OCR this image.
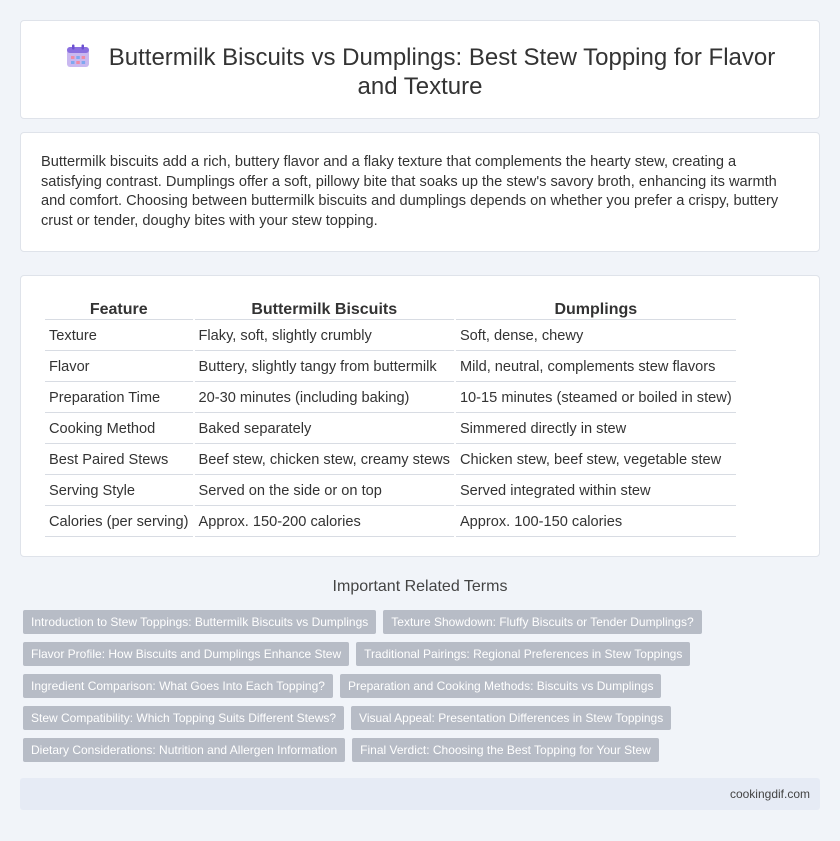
Buttermilk Biscuits vs Dumplings: Best Stew Topping for Flavor and Texture

Buttermilk biscuits add a rich, buttery flavor and a flaky texture that complements the hearty stew, creating a satisfying contrast. Dumplings offer a soft, pillowy bite that soaks up the stew's savory broth, enhancing its warmth and comfort. Choosing between buttermilk biscuits and dumplings depends on whether you prefer a crispy, buttery crust or tender, doughy bites with your stew topping.

Feature	Buttermilk Biscuits	Dumplings
Texture	Flaky, soft, slightly crumbly	Soft, dense, chewy
Flavor	Buttery, slightly tangy from buttermilk	Mild, neutral, complements stew flavors
Preparation Time	20-30 minutes (including baking)	10-15 minutes (steamed or boiled in stew)
Cooking Method	Baked separately	Simmered directly in stew
Best Paired Stews	Beef stew, chicken stew, creamy stews	Chicken stew, beef stew, vegetable stew
Serving Style	Served on the side or on top	Served integrated within stew
Calories (per serving)	Approx. 150-200 calories	Approx. 100-150 calories
Important Related Terms
Introduction to Stew Toppings: Buttermilk Biscuits vs Dumplings	Texture Showdown: Fluffy Biscuits or Tender Dumplings?
Flavor Profile: How Biscuits and Dumplings Enhance Stew	Traditional Pairings: Regional Preferences in Stew Toppings
Ingredient Comparison: What Goes Into Each Topping?	Preparation and Cooking Methods: Biscuits vs Dumplings
Stew Compatibility: Which Topping Suits Different Stews?	Visual Appeal: Presentation Differences in Stew Toppings
Dietary Considerations: Nutrition and Allergen Information	Final Verdict: Choosing the Best Topping for Your Stew
cookingdif.com
